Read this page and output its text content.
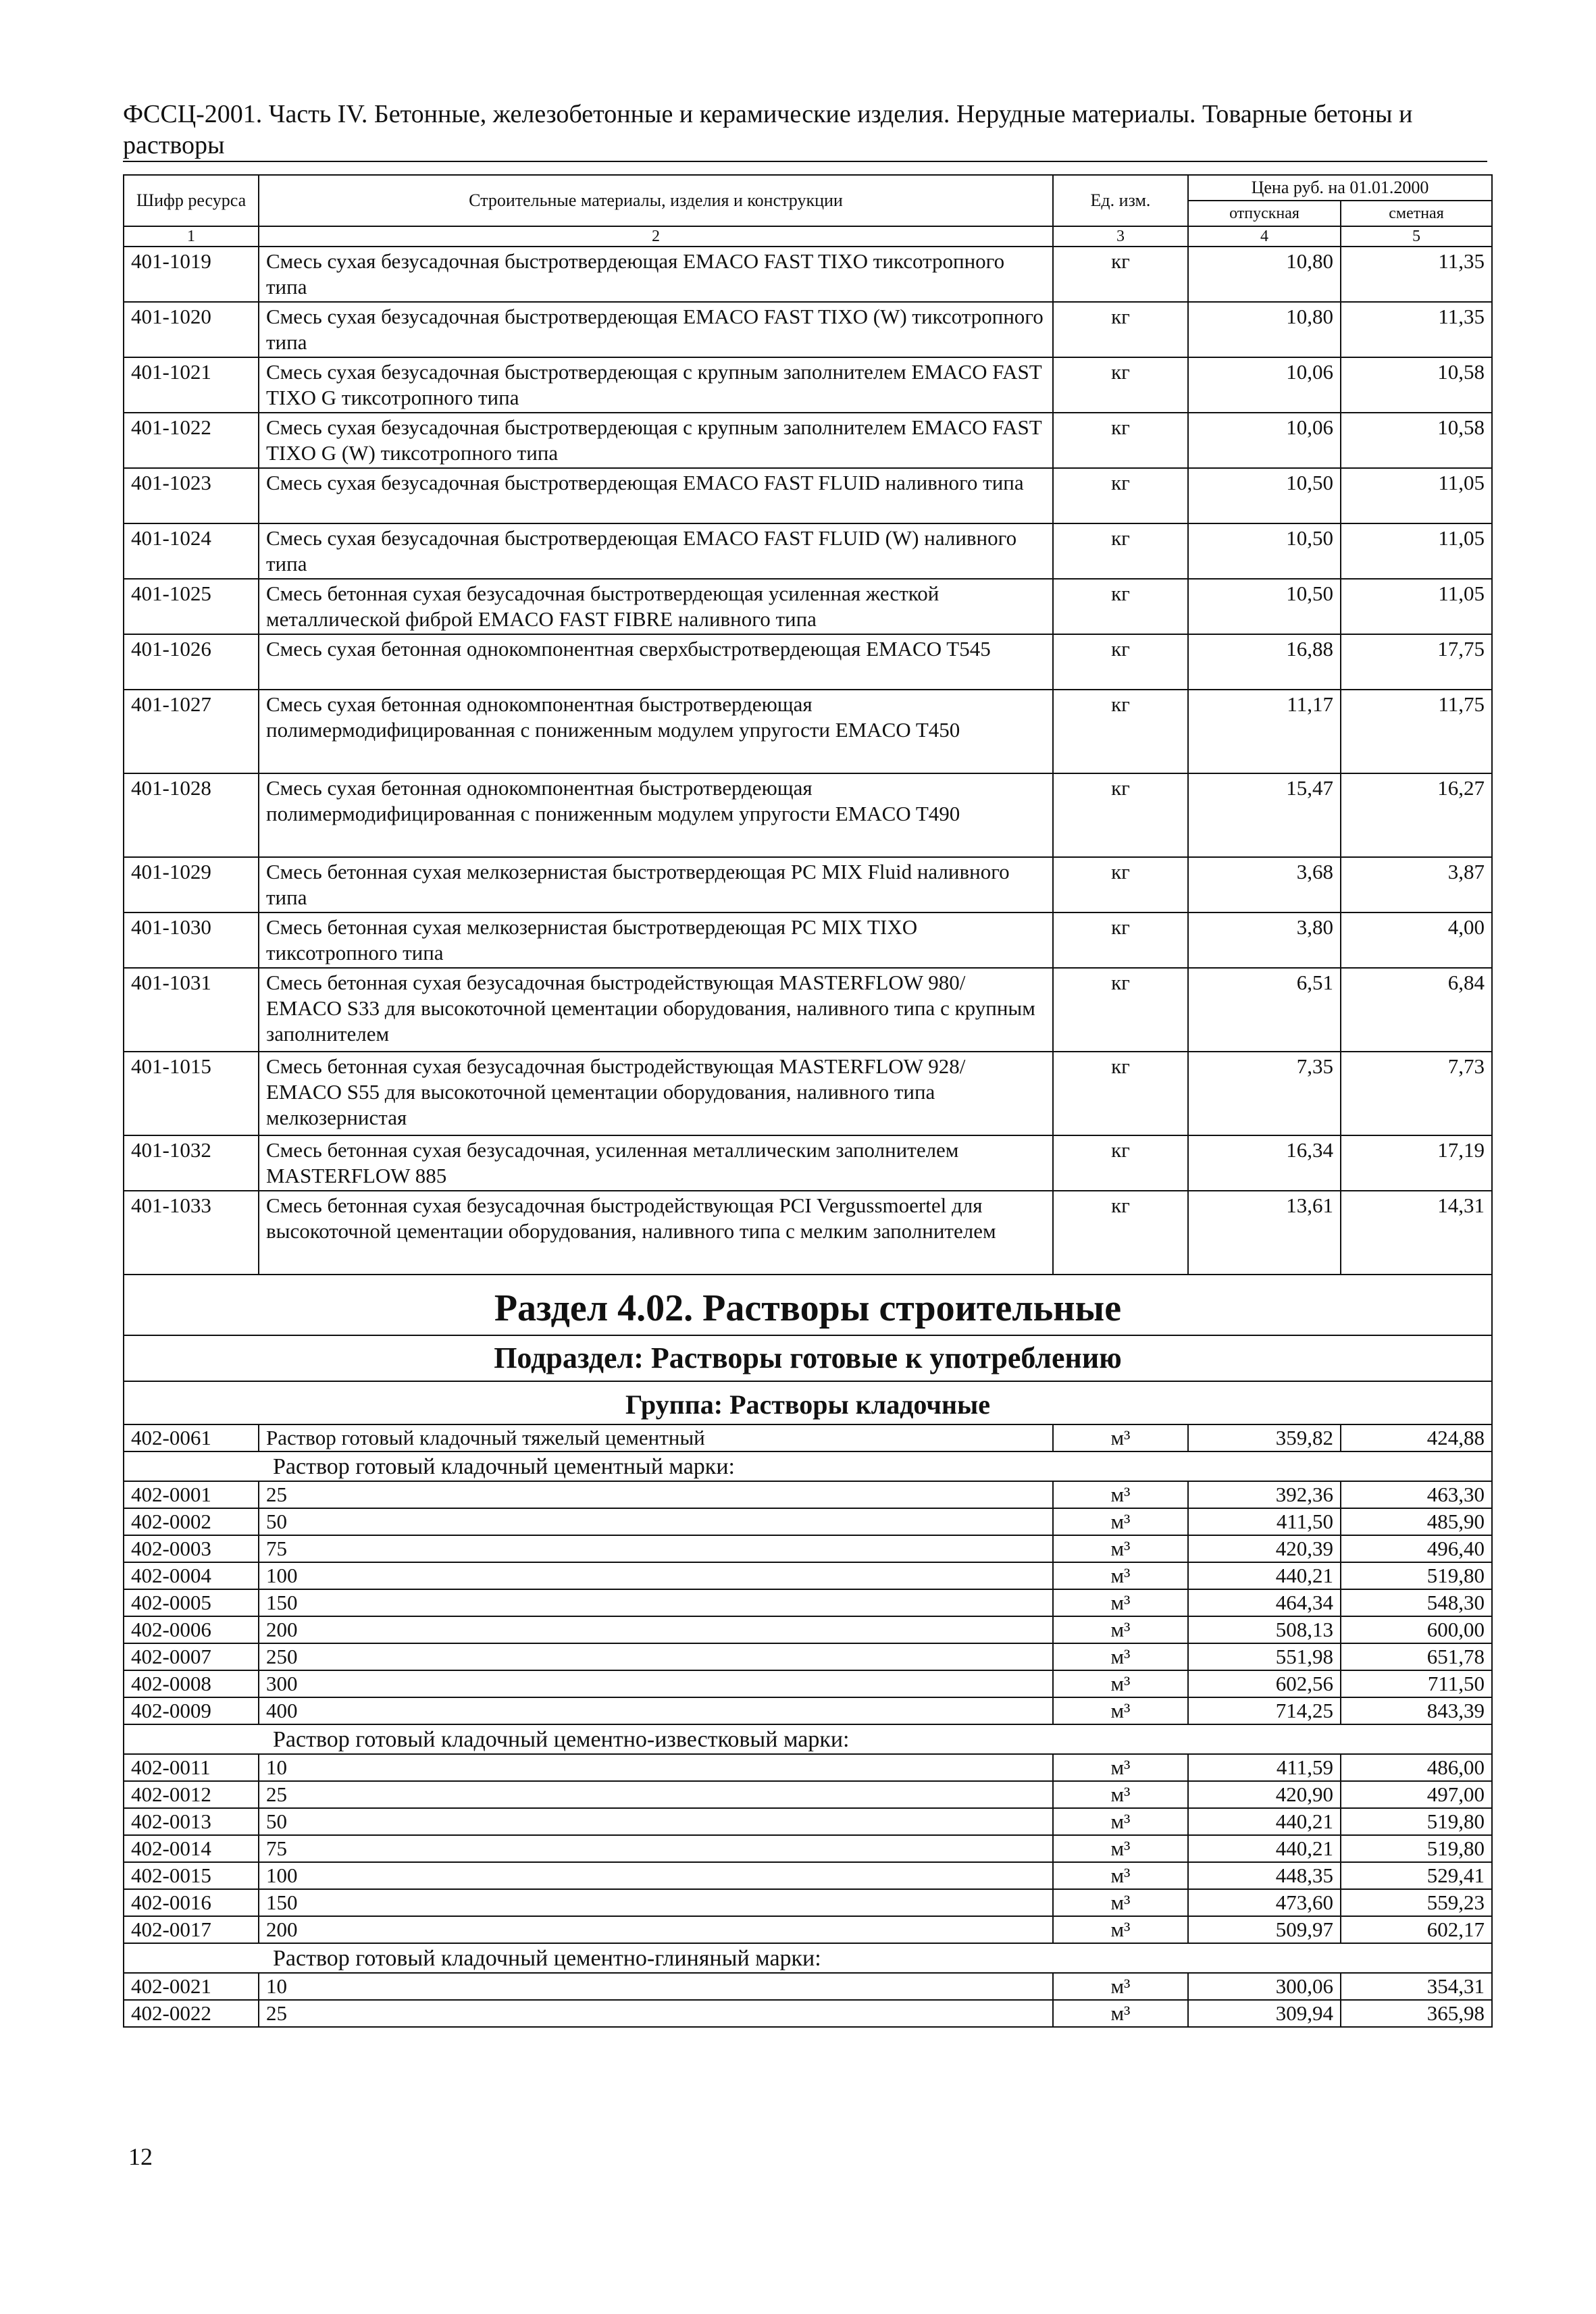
ФССЦ-2001. Часть IV. Бетонные, железобетонные и керамические изделия. Нерудные материалы. Товарные бетоны и растворы
Шифр ресурса	Строительные материалы, изделия и конструкции	Ед. изм.	Цена руб. на 01.01.2000	
			отпускная	сметная
1	2	3	4	5
401-1019	Смесь сухая безусадочная быстротвердеющая EMACO FAST TIXO тиксотропного типа	кг	10,80	11,35
401-1020	Смесь сухая безусадочная быстротвердеющая EMACO FAST TIXO (W) тиксотропного типа	кг	10,80	11,35
401-1021	Смесь сухая безусадочная быстротвердеющая с крупным заполнителем EMACO FAST TIXO G тиксотропного типа	кг	10,06	10,58
401-1022	Смесь сухая безусадочная быстротвердеющая с крупным заполнителем EMACO FAST TIXO G (W) тиксотропного типа	кг	10,06	10,58
401-1023	Смесь сухая безусадочная быстротвердеющая EMACO FAST FLUID наливного типа	кг	10,50	11,05
401-1024	Смесь сухая безусадочная быстротвердеющая EMACO FAST FLUID (W) наливного типа	кг	10,50	11,05
401-1025	Смесь бетонная сухая безусадочная быстротвердеющая усиленная жесткой металлической фиброй EMACO FAST FIBRE наливного типа	кг	10,50	11,05
401-1026	Смесь сухая бетонная однокомпонентная сверхбыстротвердеющая EMACO T545	кг	16,88	17,75
401-1027	Смесь сухая бетонная однокомпонентная быстротвердеющая полимермодифицированная с пониженным модулем упругости EMACO T450	кг	11,17	11,75
401-1028	Смесь сухая бетонная однокомпонентная быстротвердеющая полимермодифицированная с пониженным модулем упругости EMACO T490	кг	15,47	16,27
401-1029	Смесь бетонная сухая мелкозернистая быстротвердеющая PC MIX Fluid наливного типа	кг	3,68	3,87
401-1030	Смесь бетонная сухая мелкозернистая быстротвердеющая PC MIX TIXO тиксотропного типа	кг	3,80	4,00
401-1031	Смесь бетонная сухая безусадочная быстродействующая MASTERFLOW 980/ EMACO S33 для высокоточной цементации оборудования, наливного типа с крупным заполнителем	кг	6,51	6,84
401-1015	Смесь бетонная сухая безусадочная быстродействующая MASTERFLOW 928/ EMACO S55 для высокоточной цементации оборудования, наливного типа мелкозернистая	кг	7,35	7,73
401-1032	Смесь бетонная сухая безусадочная, усиленная металлическим заполнителем MASTERFLOW 885	кг	16,34	17,19
401-1033	Смесь бетонная сухая безусадочная быстродействующая PCI Vergussmoertel для высокоточной цементации оборудования, наливного типа с мелким заполнителем	кг	13,61	14,31
Раздел 4.02. Растворы строительные				
Подраздел: Растворы готовые к употреблению				
Группа: Растворы кладочные				
402-0061	Раствор готовый кладочный тяжелый цементный	м³	359,82	424,88
Раствор готовый кладочный цементный марки:				
402-0001	25	м³	392,36	463,30
402-0002	50	м³	411,50	485,90
402-0003	75	м³	420,39	496,40
402-0004	100	м³	440,21	519,80
402-0005	150	м³	464,34	548,30
402-0006	200	м³	508,13	600,00
402-0007	250	м³	551,98	651,78
402-0008	300	м³	602,56	711,50
402-0009	400	м³	714,25	843,39
Раствор готовый кладочный цементно-известковый марки:				
402-0011	10	м³	411,59	486,00
402-0012	25	м³	420,90	497,00
402-0013	50	м³	440,21	519,80
402-0014	75	м³	440,21	519,80
402-0015	100	м³	448,35	529,41
402-0016	150	м³	473,60	559,23
402-0017	200	м³	509,97	602,17
Раствор готовый кладочный цементно-глиняный марки:				
402-0021	10	м³	300,06	354,31
402-0022	25	м³	309,94	365,98
12
